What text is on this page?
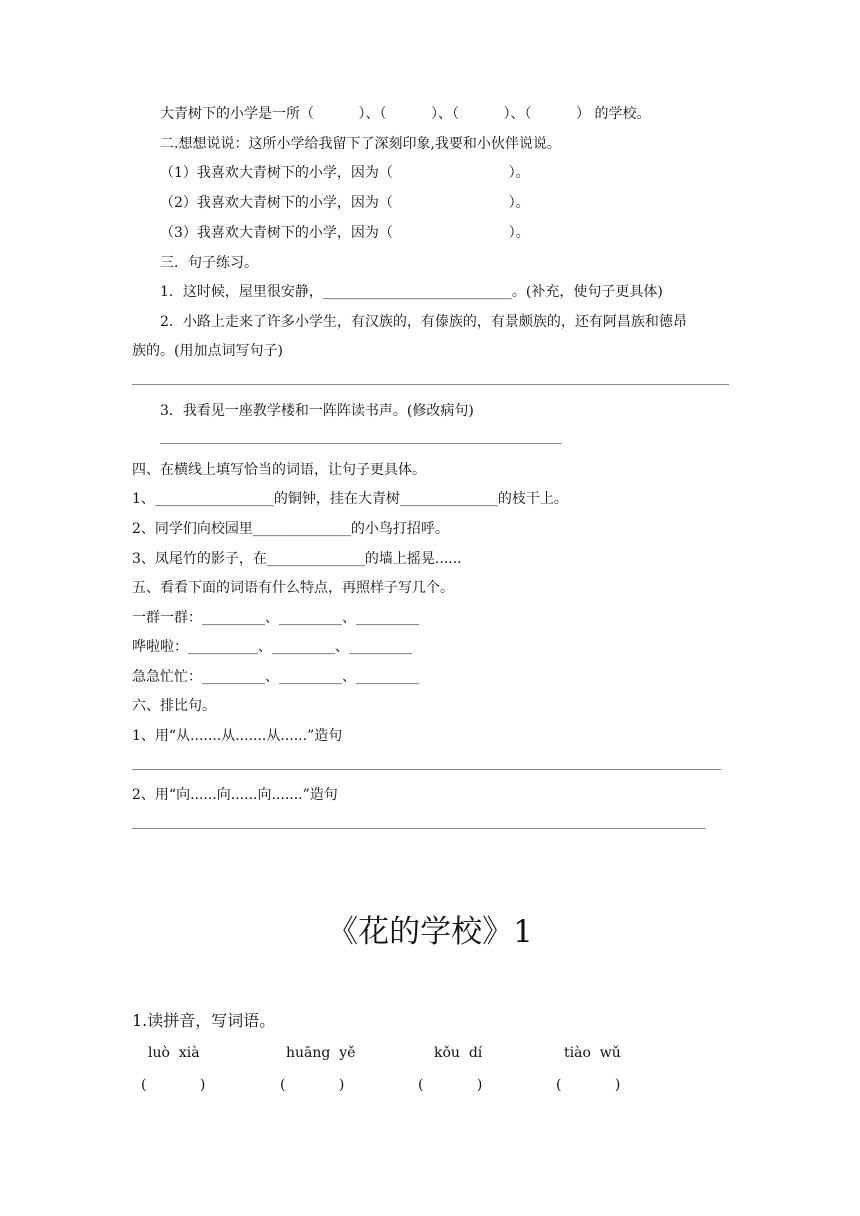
大青树下的小学是一所（          ）、（          ）、（          ）、（          ） 的学校。
二.想想说说：这所小学给我留下了深刻印象,我要和小伙伴说说。
（1）我喜欢大青树下的小学，因为（                          ）。
（2）我喜欢大青树下的小学，因为（                          ）。
（3）我喜欢大青树下的小学，因为（                          ）。
三．句子练习。
1．这时候，屋里很安静，___________________________。(补充，使句子更具体)
2．小路上走来了许多小学生，有汉族的，有傣族的，有景颇族的，还有阿昌族和德昂
族的。(用加点词写句子)
3．我看见一座教学楼和一阵阵读书声。(修改病句)
四、在横线上填写恰当的词语，让句子更具体。
1、_________________的铜钟，挂在大青树______________的枝干上。
2、同学们向校园里______________的小鸟打招呼。
3、凤尾竹的影子，在______________的墙上摇晃......
五、看看下面的词语有什么特点，再照样子写几个。
一群一群：_________、_________、_________
哗啦啦：__________、_________、_________
急急忙忙：_________、_________、_________
六、排比句。
1、用“从.......从.......从......”造句
2、用“向......向......向.......”造句
《花的学校》1
1.读拼音，写词语。
luò  xià	huāng  yě	kǒu  dí	tiào  wǔ
(            )	(            )	(            )	(            )
